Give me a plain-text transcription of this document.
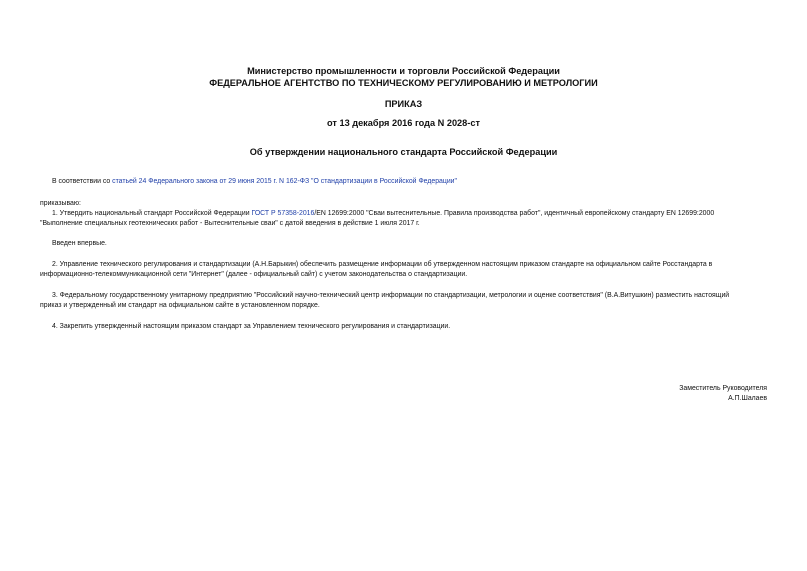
Министерство промышленности и торговли Российской Федерации
ФЕДЕРАЛЬНОЕ АГЕНТСТВО ПО ТЕХНИЧЕСКОМУ РЕГУЛИРОВАНИЮ И МЕТРОЛОГИИ
ПРИКАЗ
от 13 декабря 2016 года N 2028-ст
Об утверждении национального стандарта Российской Федерации
В соответствии со статьей 24 Федерального закона от 29 июня 2015 г. N 162-ФЗ "О стандартизации в Российской Федерации"
приказываю:
1. Утвердить национальный стандарт Российской Федерации ГОСТ Р 57358-2016/EN 12699:2000 "Сваи вытеснительные. Правила производства работ", идентичный европейскому стандарту EN 12699:2000
"Выполнение специальных геотехнических работ - Вытеснительные сваи" с датой введения в действие 1 июля 2017 г.
Введен впервые.
2. Управление технического регулирования и стандартизации (А.Н.Барыкин) обеспечить размещение информации об утвержденном настоящим приказом стандарте на официальном сайте Росстандарта в
информационно-телекоммуникационной сети "Интернет" (далее - официальный сайт) с учетом законодательства о стандартизации.
3. Федеральному государственному унитарному предприятию "Российский научно-технический центр информации по стандартизации, метрологии и оценке соответствия" (В.А.Витушкин) разместить настоящий
приказ и утвержденный им стандарт на официальном сайте в установленном порядке.
4. Закрепить утвержденный настоящим приказом стандарт за Управлением технического регулирования и стандартизации.
Заместитель Руководителя
А.П.Шалаев
